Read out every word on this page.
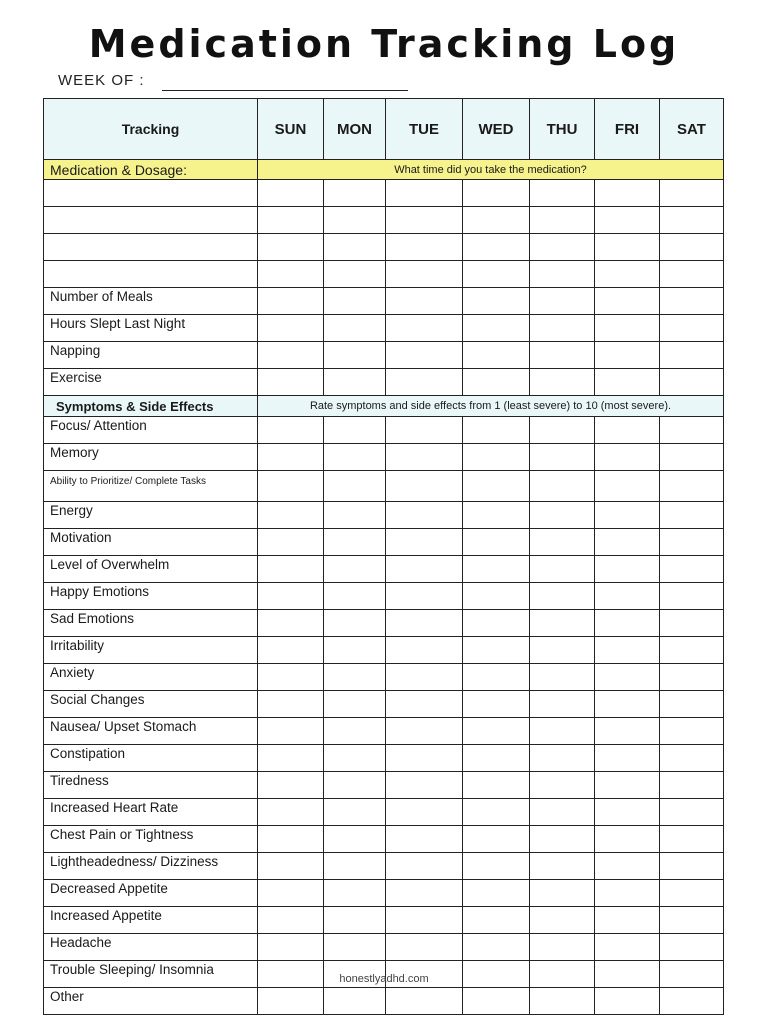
Medication Tracking Log
WEEK OF :
Tracking	SUN	MON	TUE	WED	THU	FRI	SAT
Medication & Dosage:	What time did you take the medication?						

Number of Meals							
Hours Slept Last Night							
Napping							
Exercise							
Symptoms & Side Effects	Rate symptoms and side effects from 1 (least severe) to 10 (most severe).						
Focus/ Attention							
Memory							
Ability to Prioritize/ Complete Tasks							
Energy							
Motivation							
Level of Overwhelm							
Happy Emotions							
Sad Emotions							
Irritability							
Anxiety							
Social Changes							
Nausea/ Upset Stomach							
Constipation							
Tiredness							
Increased Heart Rate							
Chest Pain or Tightness							
Lightheadedness/ Dizziness							
Decreased Appetite							
Increased Appetite							
Headache							
Trouble Sleeping/ Insomnia							
Other							
honestlyadhd.com
